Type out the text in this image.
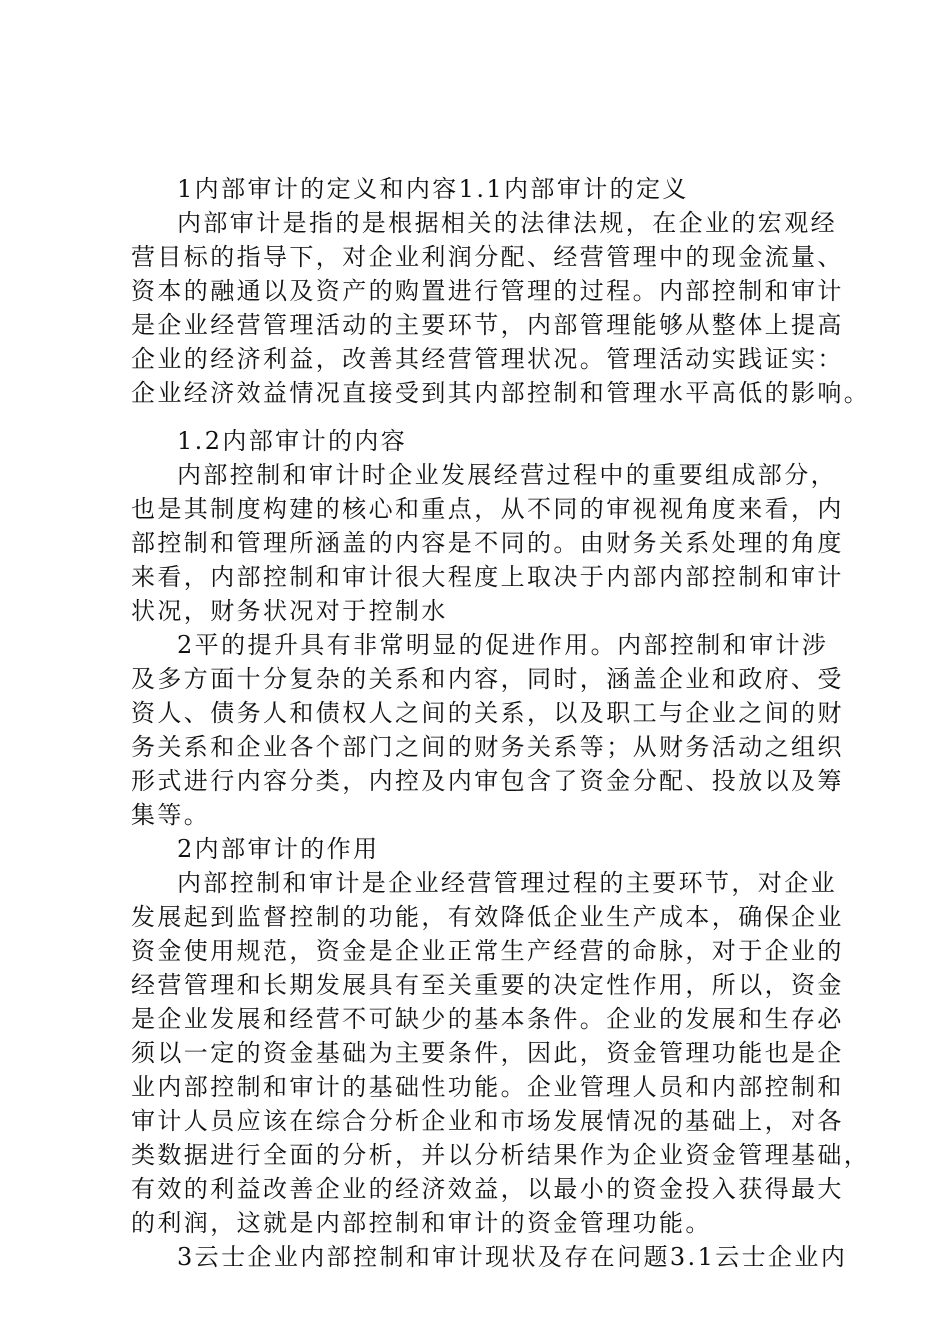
1内部审计的定义和内容1.1内部审计的定义
内部审计是指的是根据相关的法律法规，在企业的宏观经
营目标的指导下，对企业利润分配、经营管理中的现金流量、
资本的融通以及资产的购置进行管理的过程。内部控制和审计
是企业经营管理活动的主要环节，内部管理能够从整体上提高
企业的经济利益，改善其经营管理状况。管理活动实践证实：
企业经济效益情况直接受到其内部控制和管理水平高低的影响。
1.2内部审计的内容
内部控制和审计时企业发展经营过程中的重要组成部分，
也是其制度构建的核心和重点，从不同的审视视角度来看，内
部控制和管理所涵盖的内容是不同的。由财务关系处理的角度
来看，内部控制和审计很大程度上取决于内部内部控制和审计
状况，财务状况对于控制水
2平的提升具有非常明显的促进作用。内部控制和审计涉
及多方面十分复杂的关系和内容，同时，涵盖企业和政府、受
资人、债务人和债权人之间的关系，以及职工与企业之间的财
务关系和企业各个部门之间的财务关系等；从财务活动之组织
形式进行内容分类，内控及内审包含了资金分配、投放以及筹
集等。
2内部审计的作用
内部控制和审计是企业经营管理过程的主要环节，对企业
发展起到监督控制的功能，有效降低企业生产成本，确保企业
资金使用规范，资金是企业正常生产经营的命脉，对于企业的
经营管理和长期发展具有至关重要的决定性作用，所以，资金
是企业发展和经营不可缺少的基本条件。企业的发展和生存必
须以一定的资金基础为主要条件，因此，资金管理功能也是企
业内部控制和审计的基础性功能。企业管理人员和内部控制和
审计人员应该在综合分析企业和市场发展情况的基础上，对各
类数据进行全面的分析，并以分析结果作为企业资金管理基础，
有效的利益改善企业的经济效益，以最小的资金投入获得最大
的利润，这就是内部控制和审计的资金管理功能。
3云士企业内部控制和审计现状及存在问题3.1云士企业内
